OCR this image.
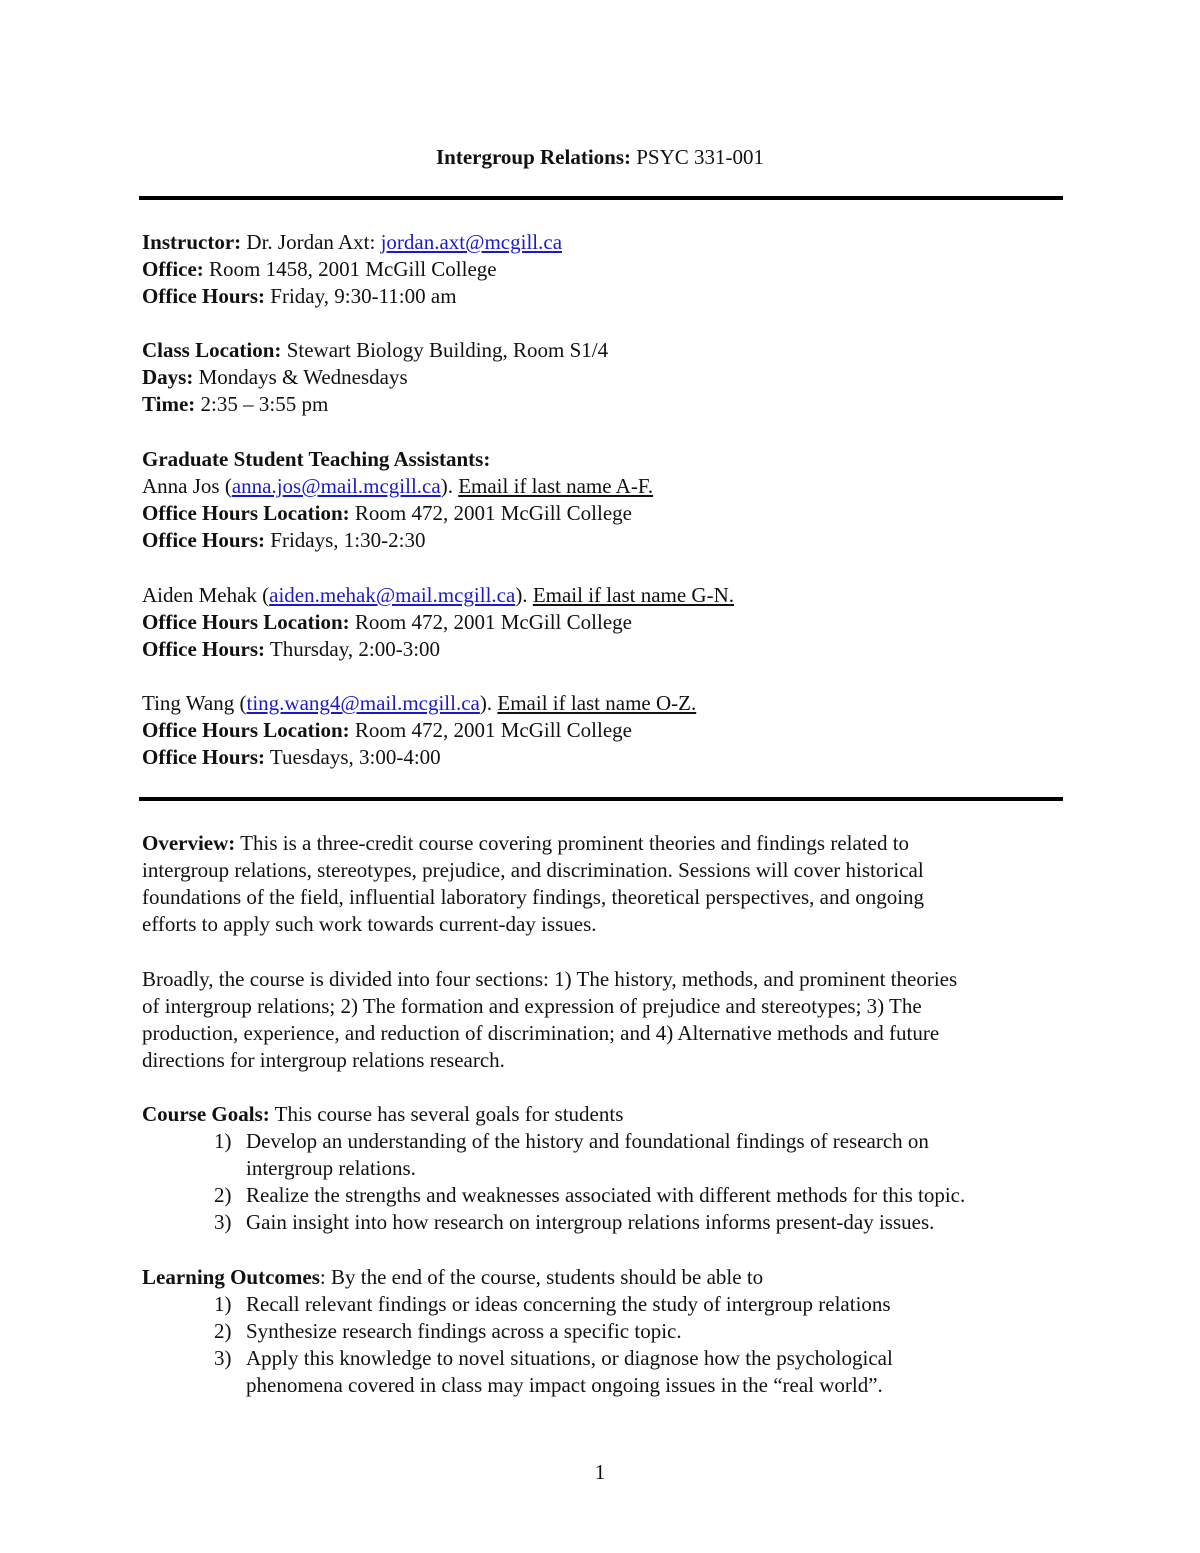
Intergroup Relations: PSYC 331-001
Instructor: Dr. Jordan Axt: jordan.axt@mcgill.ca
Office: Room 1458, 2001 McGill College
Office Hours: Friday, 9:30-11:00 am
Class Location: Stewart Biology Building, Room S1/4
Days: Mondays & Wednesdays
Time: 2:35 – 3:55 pm
Graduate Student Teaching Assistants:
Anna Jos (anna.jos@mail.mcgill.ca). Email if last name A-F.
Office Hours Location: Room 472, 2001 McGill College
Office Hours: Fridays, 1:30-2:30
Aiden Mehak (aiden.mehak@mail.mcgill.ca). Email if last name G-N.
Office Hours Location: Room 472, 2001 McGill College
Office Hours: Thursday, 2:00-3:00
Ting Wang (ting.wang4@mail.mcgill.ca). Email if last name O-Z.
Office Hours Location: Room 472, 2001 McGill College
Office Hours: Tuesdays, 3:00-4:00
Overview: This is a three-credit course covering prominent theories and findings related to
intergroup relations, stereotypes, prejudice, and discrimination. Sessions will cover historical
foundations of the field, influential laboratory findings, theoretical perspectives, and ongoing
efforts to apply such work towards current-day issues.
Broadly, the course is divided into four sections: 1) The history, methods, and prominent theories
of intergroup relations; 2) The formation and expression of prejudice and stereotypes; 3) The
production, experience, and reduction of discrimination; and 4) Alternative methods and future
directions for intergroup relations research.
Course Goals: This course has several goals for students
1) Develop an understanding of the history and foundational findings of research on
intergroup relations.
2) Realize the strengths and weaknesses associated with different methods for this topic.
3) Gain insight into how research on intergroup relations informs present-day issues.
Learning Outcomes: By the end of the course, students should be able to
1) Recall relevant findings or ideas concerning the study of intergroup relations
2) Synthesize research findings across a specific topic.
3) Apply this knowledge to novel situations, or diagnose how the psychological
phenomena covered in class may impact ongoing issues in the “real world”.
1
